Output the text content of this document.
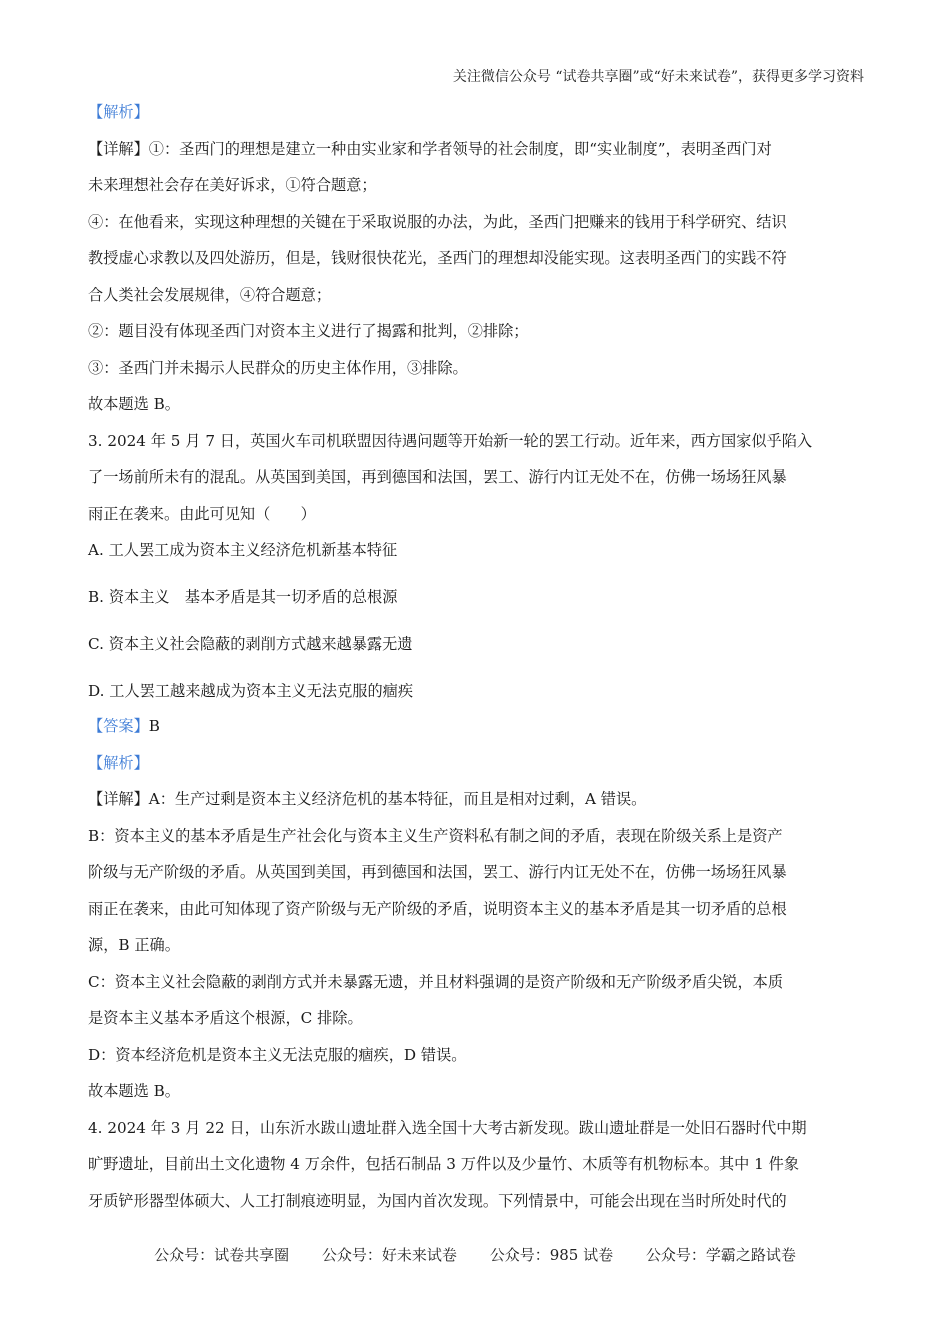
关注微信公众号 “试卷共享圈”或“好未来试卷”，获得更多学习资料
【解析】
【详解】①：圣西门的理想是建立一种由实业家和学者领导的社会制度，即“实业制度”，表明圣西门对
未来理想社会存在美好诉求，①符合题意；
④：在他看来，实现这种理想的关键在于采取说服的办法，为此，圣西门把赚来的钱用于科学研究、结识
教授虚心求教以及四处游历，但是，钱财很快花光，圣西门的理想却没能实现。这表明圣西门的实践不符
合人类社会发展规律，④符合题意；
②：题目没有体现圣西门对资本主义进行了揭露和批判，②排除；
③：圣西门并未揭示人民群众的历史主体作用，③排除。
故本题选 B。
3. 2024 年 5 月 7 日，英国火车司机联盟因待遇问题等开始新一轮的罢工行动。近年来，西方国家似乎陷入
了一场前所未有的混乱。从英国到美国，再到德国和法国，罢工、游行内讧无处不在，仿佛一场场狂风暴
雨正在袭来。由此可见知（　　）
A. 工人罢工成为资本主义经济危机新基本特征
B. 资本主义　基本矛盾是其一切矛盾的总根源
C. 资本主义社会隐蔽的剥削方式越来越暴露无遗
D. 工人罢工越来越成为资本主义无法克服的痼疾
【答案】B
【解析】
【详解】A：生产过剩是资本主义经济危机的基本特征，而且是相对过剩，A 错误。
B：资本主义的基本矛盾是生产社会化与资本主义生产资料私有制之间的矛盾，表现在阶级关系上是资产
阶级与无产阶级的矛盾。从英国到美国，再到德国和法国，罢工、游行内讧无处不在，仿佛一场场狂风暴
雨正在袭来，由此可知体现了资产阶级与无产阶级的矛盾，说明资本主义的基本矛盾是其一切矛盾的总根
源，B 正确。
C：资本主义社会隐蔽的剥削方式并未暴露无遗，并且材料强调的是资产阶级和无产阶级矛盾尖锐，本质
是资本主义基本矛盾这个根源，C 排除。
D：资本经济危机是资本主义无法克服的痼疾，D 错误。
故本题选 B。
4. 2024 年 3 月 22 日，山东沂水跋山遗址群入选全国十大考古新发现。跋山遗址群是一处旧石器时代中期
旷野遗址，目前出土文化遗物 4 万余件，包括石制品 3 万件以及少量竹、木质等有机物标本。其中 1 件象
牙质铲形器型体硕大、人工打制痕迹明显，为国内首次发现。下列情景中，可能会出现在当时所处时代的
公众号：试卷共享圈 公众号：好未来试卷 公众号：985 试卷 公众号：学霸之路试卷
